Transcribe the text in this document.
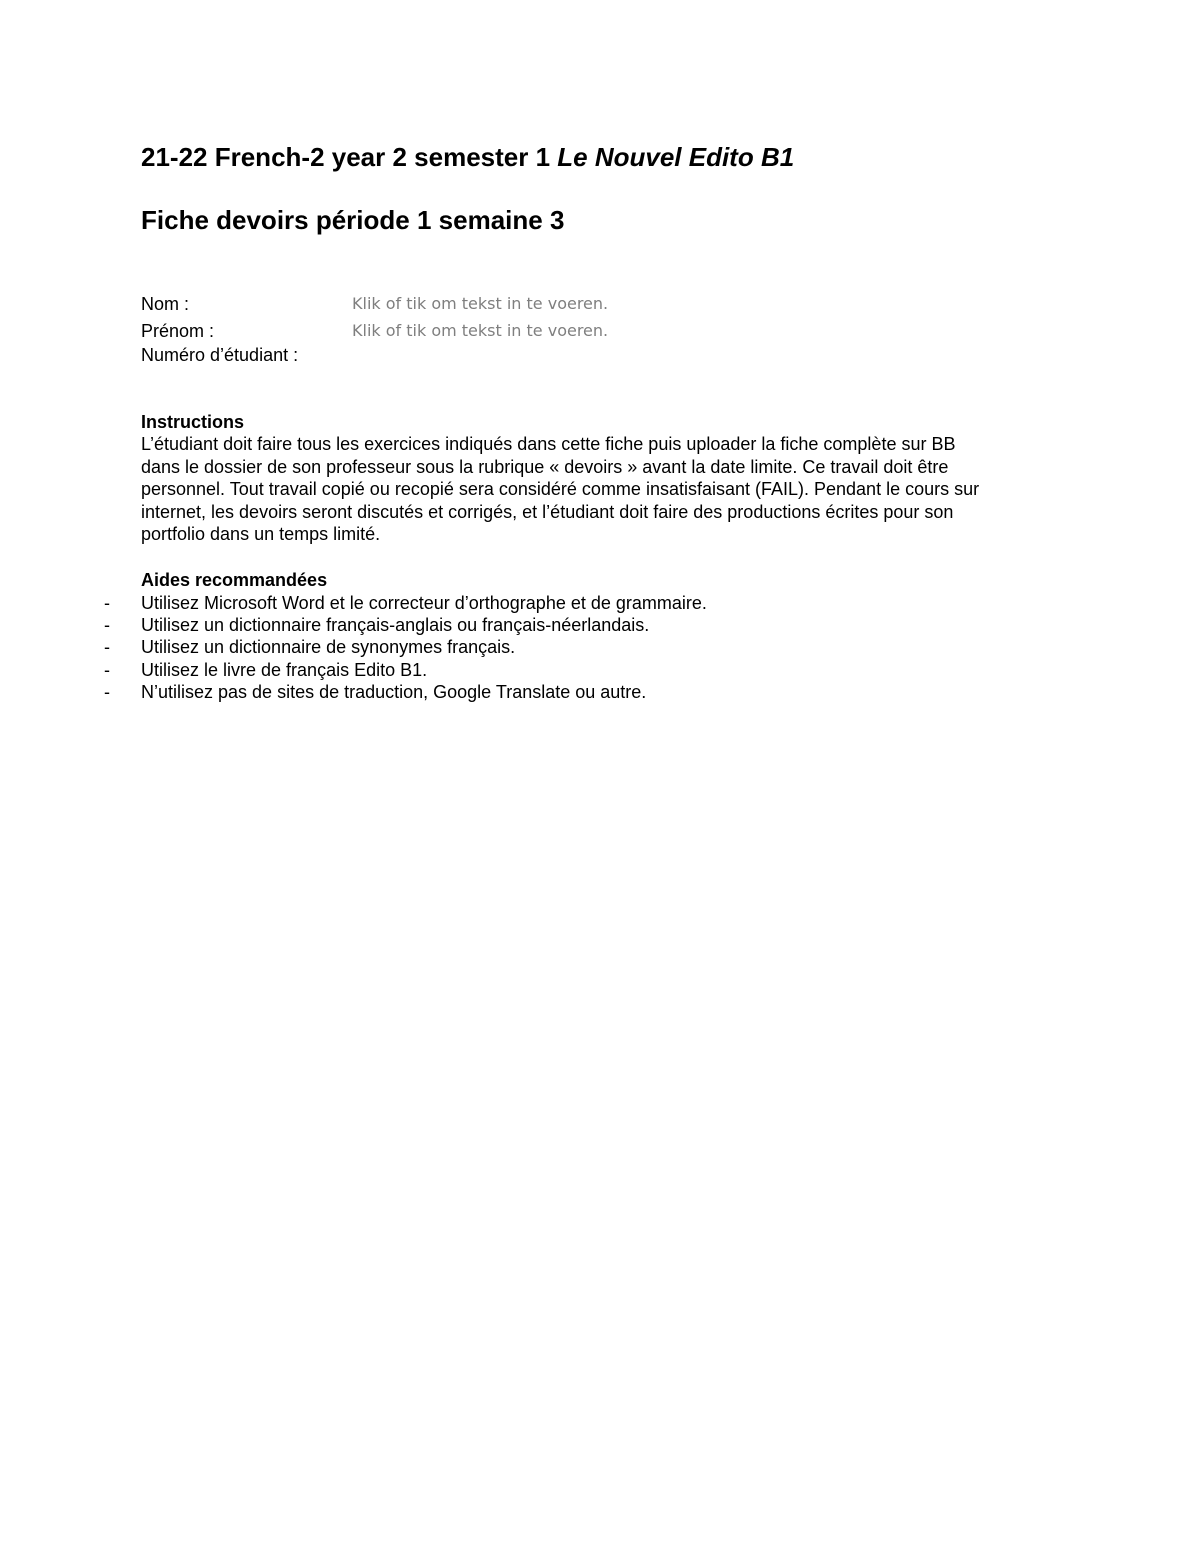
21-22 French-2 year 2 semester 1 Le Nouvel Edito B1
Fiche devoirs période 1 semaine 3
Nom :	Klik of tik om tekst in te voeren.
Prénom :	Klik of tik om tekst in te voeren.
Numéro d’étudiant :
Instructions
L’étudiant doit faire tous les exercices indiqués dans cette fiche puis uploader la fiche complète sur BB
dans le dossier de son professeur sous la rubrique « devoirs » avant la date limite. Ce travail doit être
personnel. Tout travail copié ou recopié sera considéré comme insatisfaisant (FAIL). Pendant le cours sur
internet, les devoirs seront discutés et corrigés, et l’étudiant doit faire des productions écrites pour son
portfolio dans un temps limité.
Aides recommandées
- Utilisez Microsoft Word et le correcteur d’orthographe et de grammaire.
- Utilisez un dictionnaire français-anglais ou français-néerlandais.
- Utilisez un dictionnaire de synonymes français.
- Utilisez le livre de français Edito B1.
- N’utilisez pas de sites de traduction, Google Translate ou autre.
